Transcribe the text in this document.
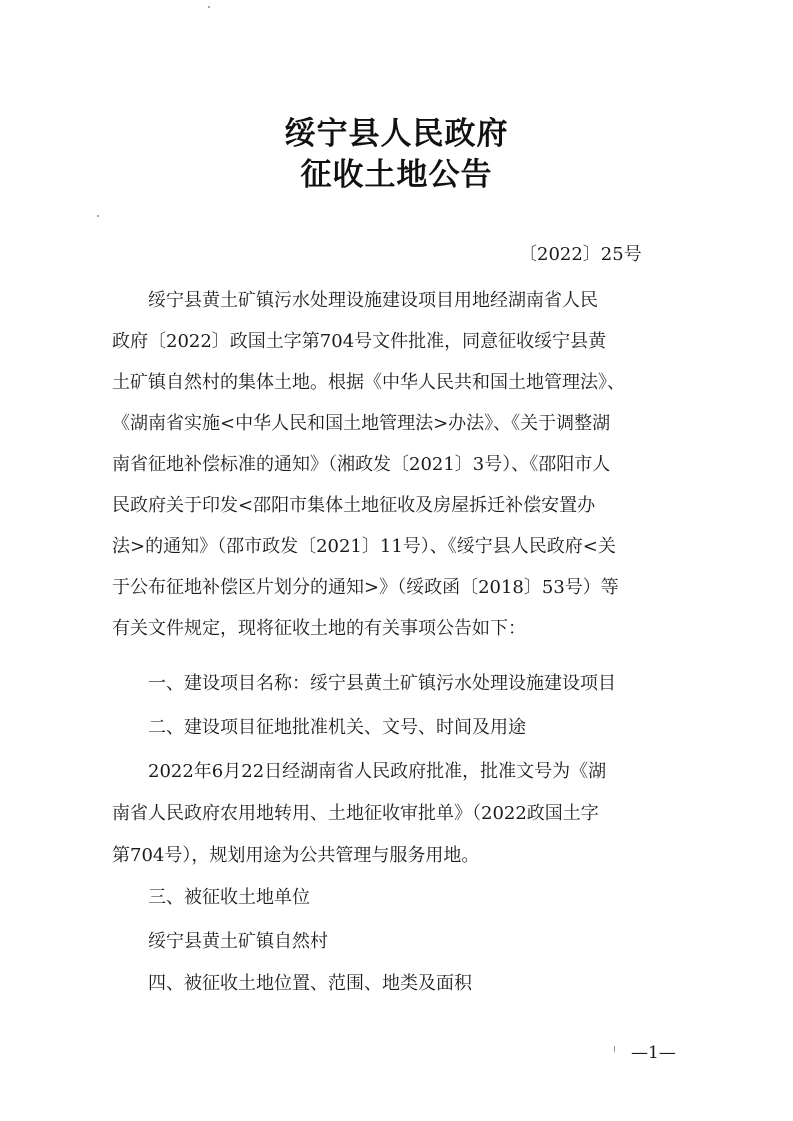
绥宁县人民政府
征收土地公告
〔2022〕25号
绥宁县黄土矿镇污水处理设施建设项目用地经湖南省人民
政府〔2022〕政国土字第704号文件批准，同意征收绥宁县黄
土矿镇自然村的集体土地。根据《中华人民共和国土地管理法》、
《湖南省实施<中华人民和国土地管理法>办法》、《关于调整湖
南省征地补偿标准的通知》（湘政发〔2021〕3号）、《邵阳市人
民政府关于印发<邵阳市集体土地征收及房屋拆迁补偿安置办
法>的通知》（邵市政发〔2021〕11号）、《绥宁县人民政府<关
于公布征地补偿区片划分的通知>》（绥政函〔2018〕53号）等
有关文件规定，现将征收土地的有关事项公告如下：
一、建设项目名称：绥宁县黄土矿镇污水处理设施建设项目
二、建设项目征地批准机关、文号、时间及用途
2022年6月22日经湖南省人民政府批准，批准文号为《湖
南省人民政府农用地转用、土地征收审批单》（2022政国土字
第704号），规划用途为公共管理与服务用地。
三、被征收土地单位
绥宁县黄土矿镇自然村
四、被征收土地位置、范围、地类及面积
—1—
